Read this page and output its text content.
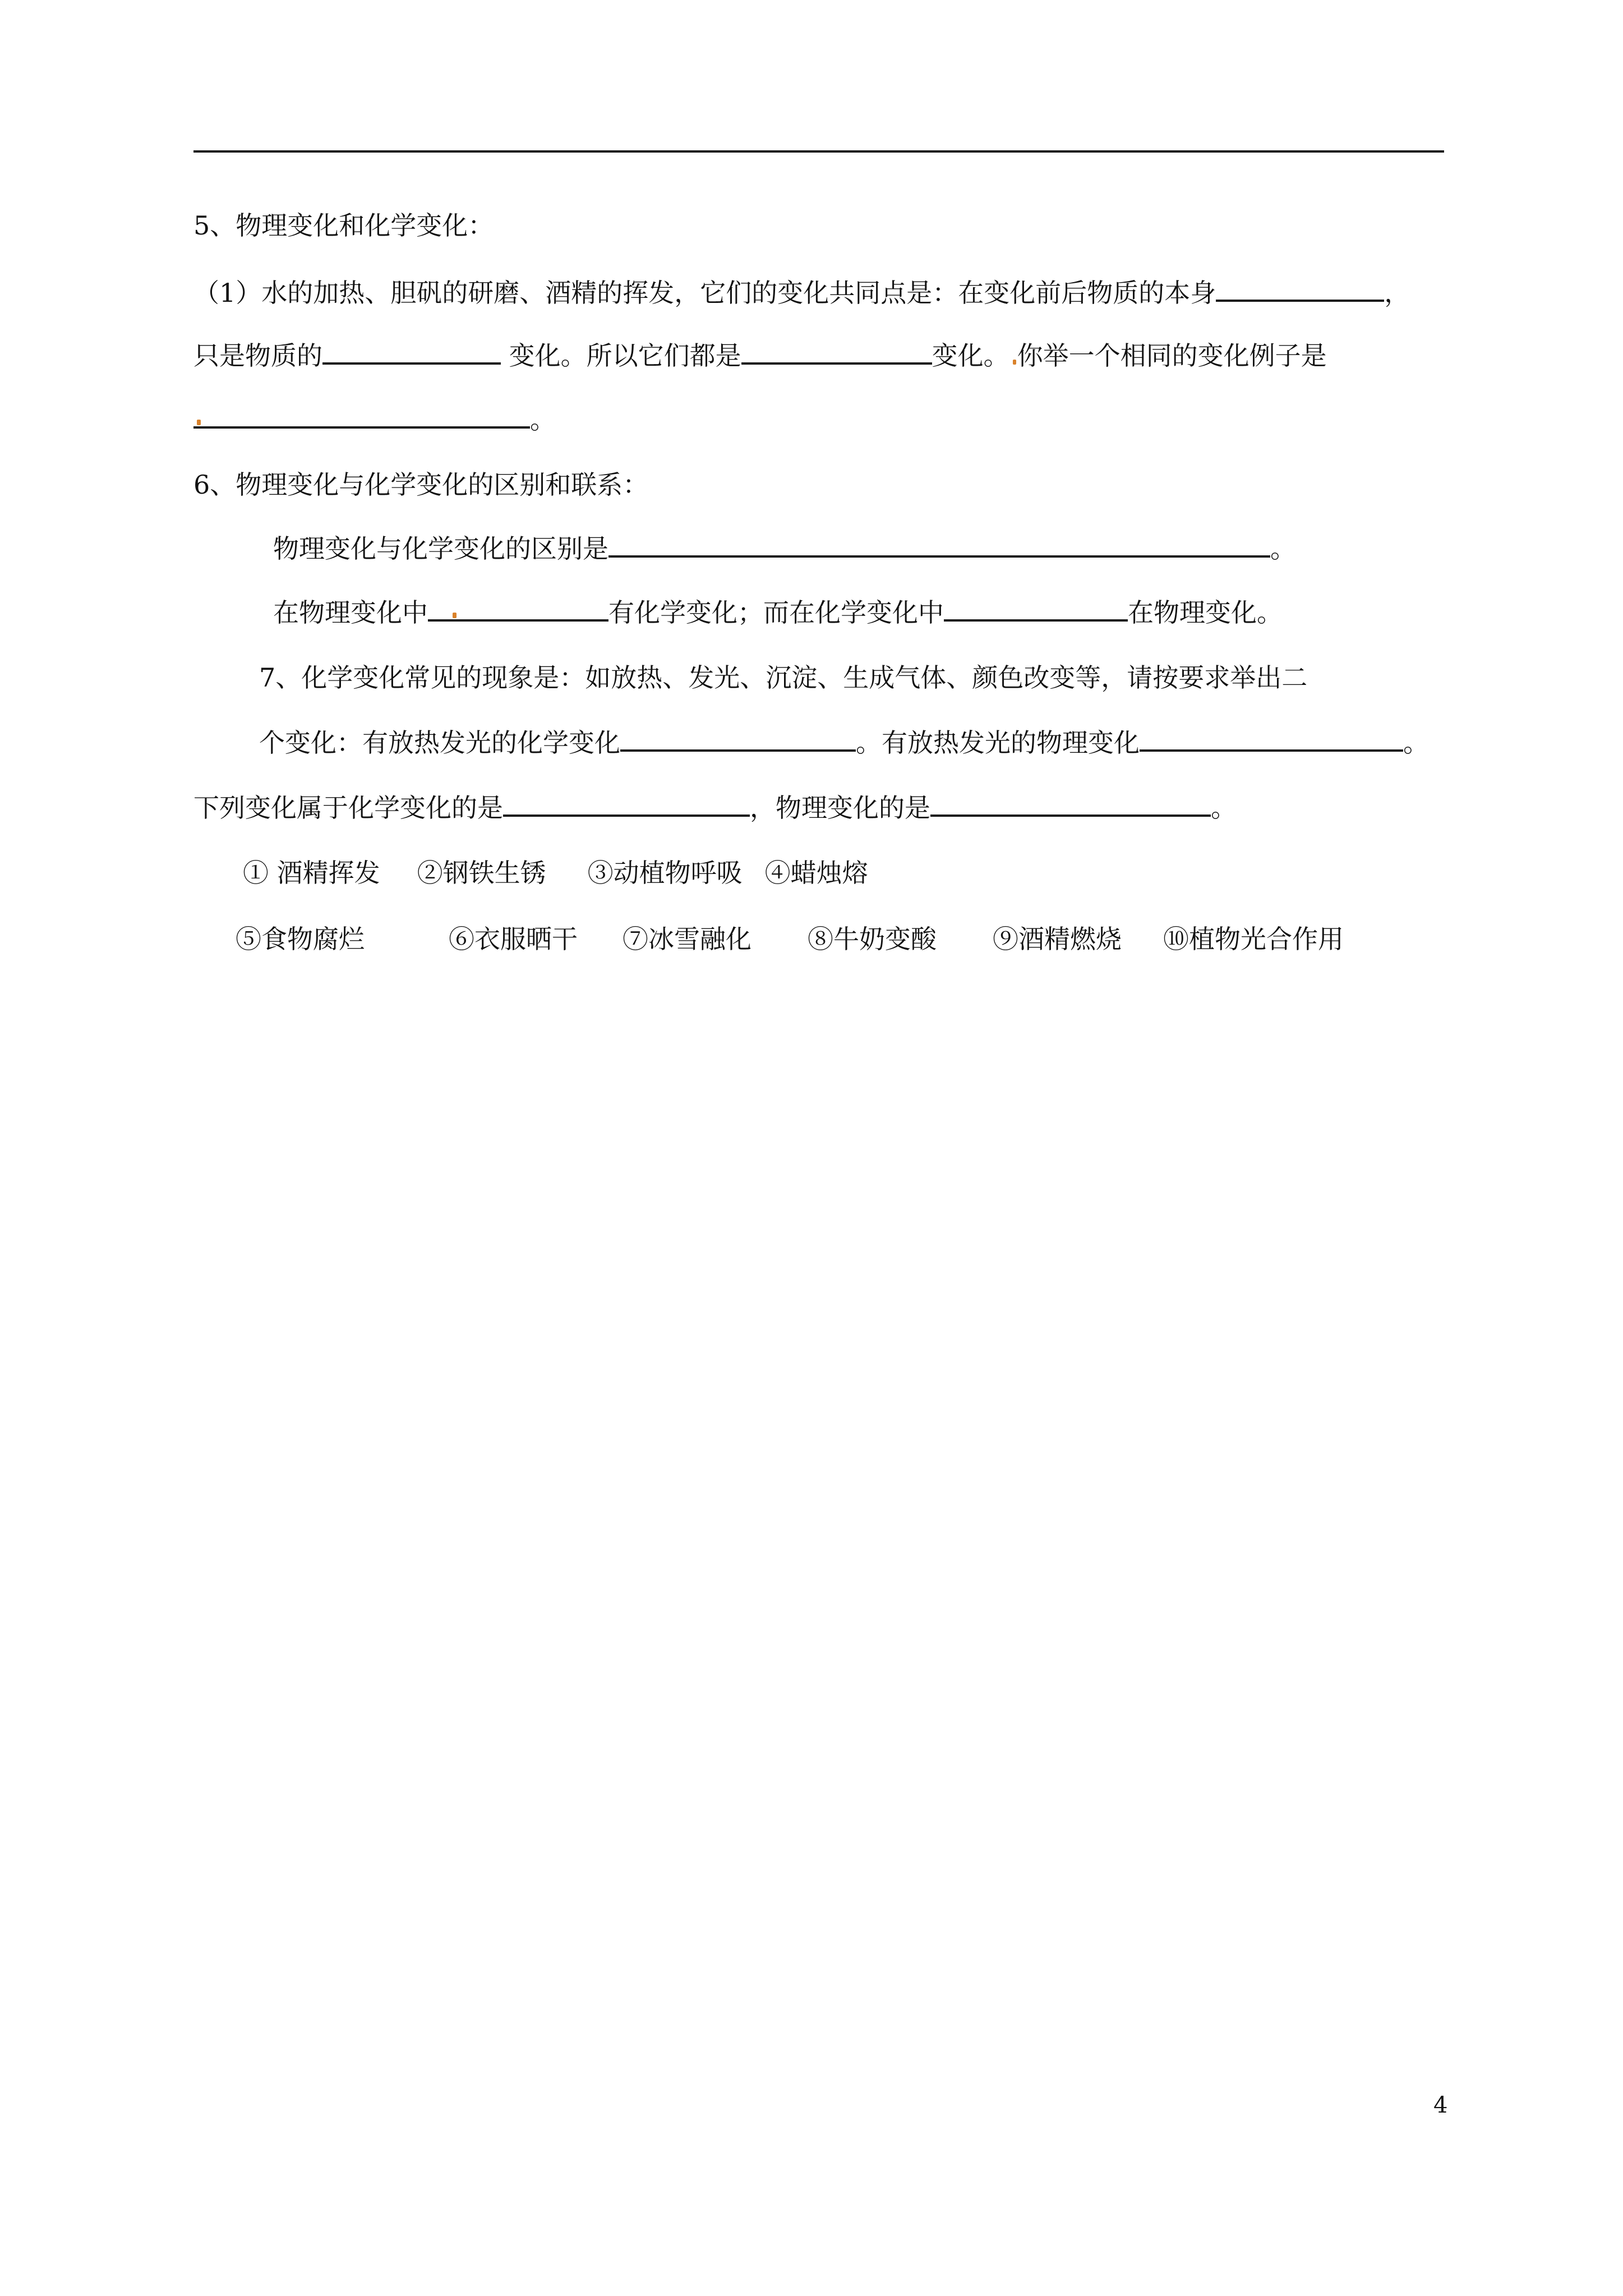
5、物理变化和化学变化：
（1）水的加热、胆矾的研磨、酒精的挥发，它们的变化共同点是：在变化前后物质的本身	，
只是物质的	变化。所以它们都是	变化。 你举一个相同的变化例子是
。
6、物理变化与化学变化的区别和联系：
物理变化与化学变化的区别是	。
在物理变化中	有化学变化；而在化学变化中	在物理变化。
7、化学变化常见的现象是：如放热、发光、沉淀、生成气体、颜色改变等，请按要求举出二
个变化：有放热发光的化学变化	。有放热发光的物理变化	。
下列变化属于化学变化的是	，物理变化的是	。
① 酒精挥发 ②钢铁生锈 ③动植物呼吸 ④蜡烛熔
⑤食物腐烂	⑥衣服晒干 ⑦冰雪融化 ⑧牛奶变酸 ⑨酒精燃烧 ⑩植物光合作用
4
